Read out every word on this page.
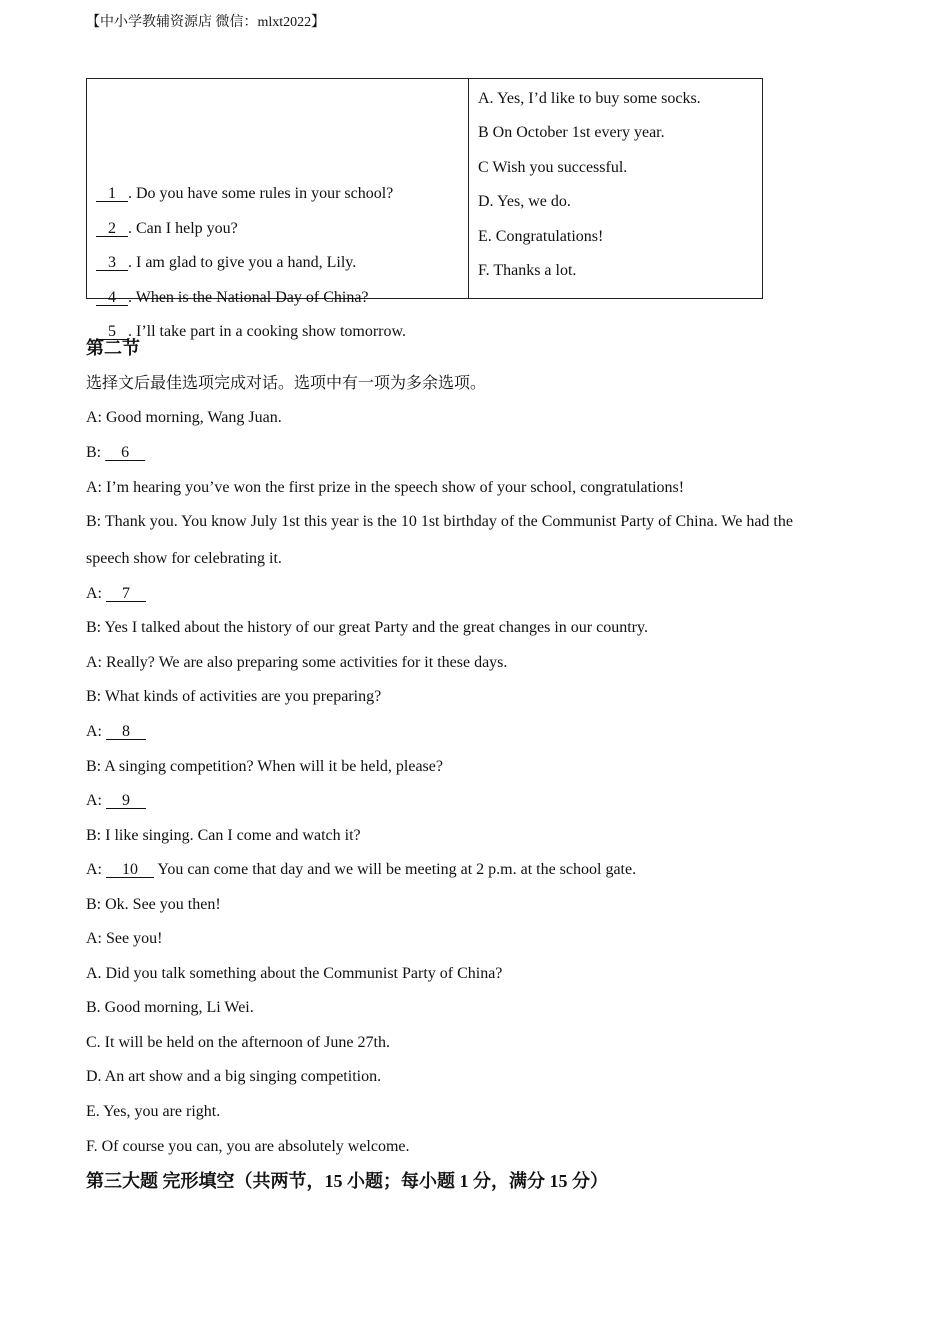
【中小学教辅资源店 微信：mlxt2022】
1 . Do you have some rules in your school?
2 . Can I help you?
3 . I am glad to give you a hand, Lily.
4 . When is the National Day of China?
5 . I’ll take part in a cooking show tomorrow.
A. Yes, I’d like to buy some socks.
B On October 1st every year.
C Wish you successful.
D. Yes, we do.
E. Congratulations!
F. Thanks a lot.
第二节
选择文后最佳选项完成对话。选项中有一项为多余选项。
A: Good morning, Wang Juan.
B:     6
A: I’m hearing you’ve won the first prize in the speech show of your school, congratulations!
B: Thank you. You know July 1st this year is the 10 1st birthday of the Communist Party of China. We had the
speech show for celebrating it.
A:     7
B: Yes I talked about the history of our great Party and the great changes in our country.
A: Really? We are also preparing some activities for it these days.
B: What kinds of activities are you preparing?
A:     8
B: A singing competition? When will it be held, please?
A:     9
B: I like singing. Can I come and watch it?
A:     10     You can come that day and we will be meeting at 2 p.m. at the school gate.
B: Ok. See you then!
A: See you!
A. Did you talk something about the Communist Party of China?
B. Good morning, Li Wei.
C. It will be held on the afternoon of June 27th.
D. An art show and a big singing competition.
E. Yes, you are right.
F. Of course you can, you are absolutely welcome.
第三大题 完形填空（共两节，15 小题；每小题 1 分，满分 15 分）
